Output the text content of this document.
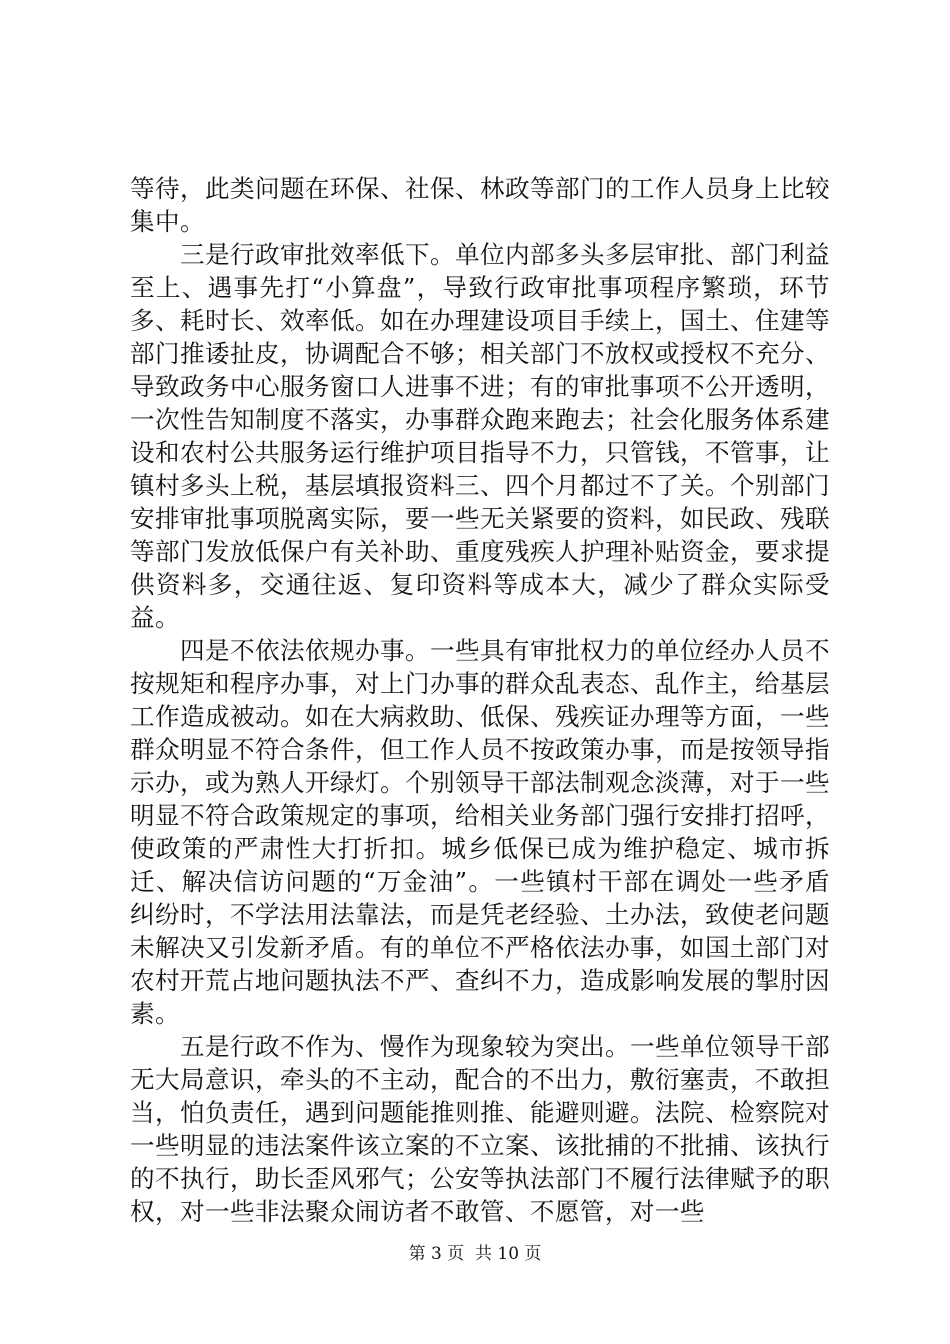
等待，此类问题在环保、社保、林政等部门的工作人员身上比较集中。

三是行政审批效率低下。单位内部多头多层审批、部门利益至上、遇事先打“小算盘”，导致行政审批事项程序繁琐，环节多、耗时长、效率低。如在办理建设项目手续上，国土、住建等部门推诿扯皮，协调配合不够；相关部门不放权或授权不充分、导致政务中心服务窗口人进事不进；有的审批事项不公开透明，一次性告知制度不落实，办事群众跑来跑去；社会化服务体系建设和农村公共服务运行维护项目指导不力，只管钱，不管事，让镇村多头上税，基层填报资料三、四个月都过不了关。个别部门安排审批事项脱离实际，要一些无关紧要的资料，如民政、残联等部门发放低保户有关补助、重度残疾人护理补贴资金，要求提供资料多，交通往返、复印资料等成本大，减少了群众实际受益。

四是不依法依规办事。一些具有审批权力的单位经办人员不按规矩和程序办事，对上门办事的群众乱表态、乱作主，给基层工作造成被动。如在大病救助、低保、残疾证办理等方面，一些群众明显不符合条件，但工作人员不按政策办事，而是按领导指示办，或为熟人开绿灯。个别领导干部法制观念淡薄，对于一些明显不符合政策规定的事项，给相关业务部门强行安排打招呼，使政策的严肃性大打折扣。城乡低保已成为维护稳定、城市拆迁、解决信访问题的“万金油”。一些镇村干部在调处一些矛盾纠纷时，不学法用法靠法，而是凭老经验、土办法，致使老问题未解决又引发新矛盾。有的单位不严格依法办事，如国土部门对农村开荒占地问题执法不严、查纠不力，造成影响发展的掣肘因素。

五是行政不作为、慢作为现象较为突出。一些单位领导干部无大局意识，牵头的不主动，配合的不出力，敷衍塞责，不敢担当，怕负责任，遇到问题能推则推、能避则避。法院、检察院对一些明显的违法案件该立案的不立案、该批捕的不批捕、该执行的不执行，助长歪风邪气；公安等执法部门不履行法律赋予的职权，对一些非法聚众闹访者不敢管、不愿管，对一些

第 3 页  共 10 页
